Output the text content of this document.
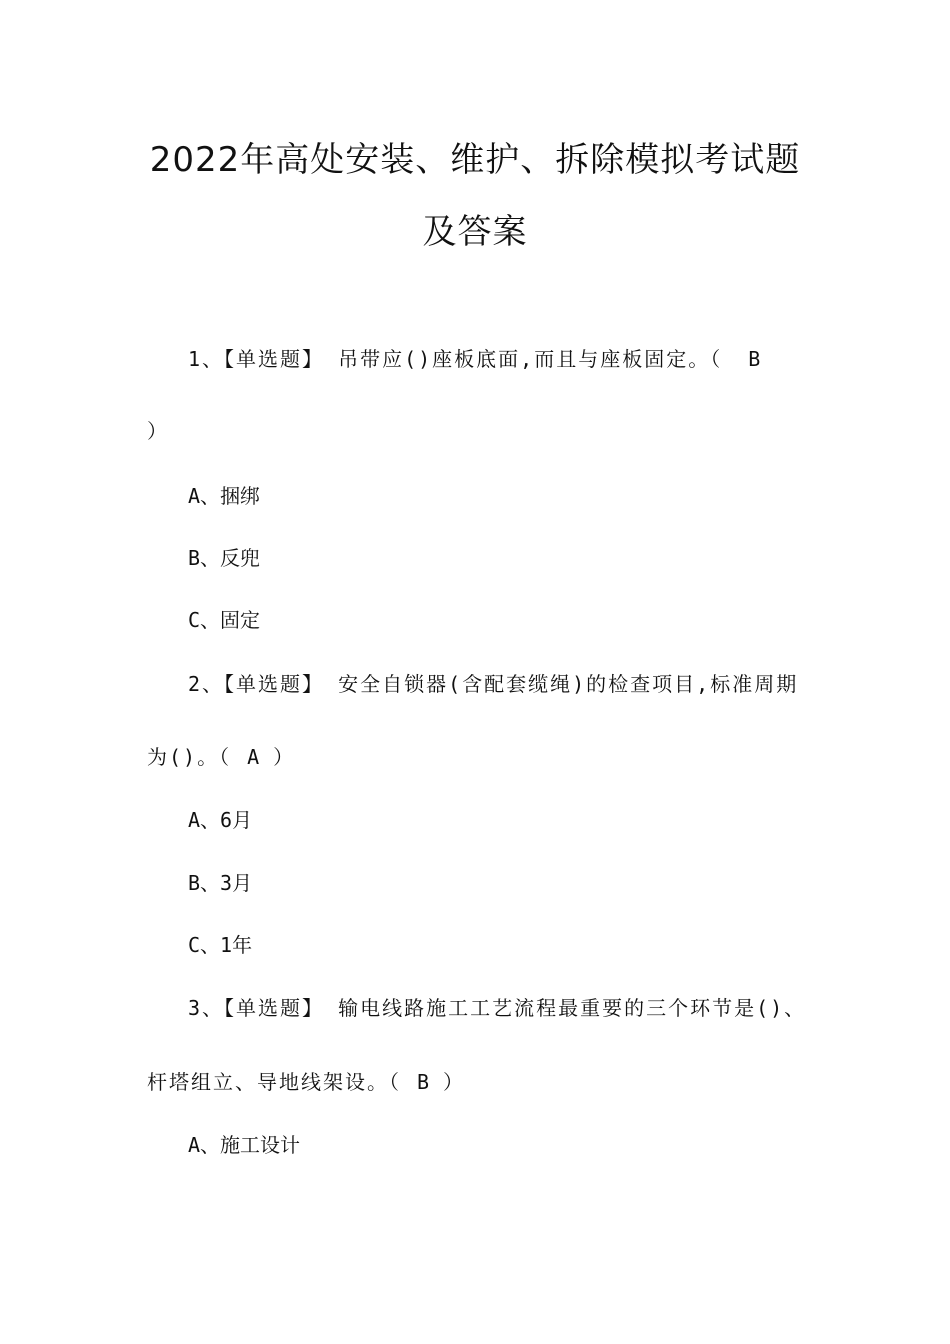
2022年高处安装、维护、拆除模拟考试题
及答案
1、【单选题】 吊带应()座板底面,而且与座板固定。（ B
）
A、捆绑
B、反兜
C、固定
2、【单选题】 安全自锁器(含配套缆绳)的检查项目,标准周期
为()。（ A ）
A、6月
B、3月
C、1年
3、【单选题】 输电线路施工工艺流程最重要的三个环节是()、
杆塔组立、导地线架设。（ B ）
A、施工设计
